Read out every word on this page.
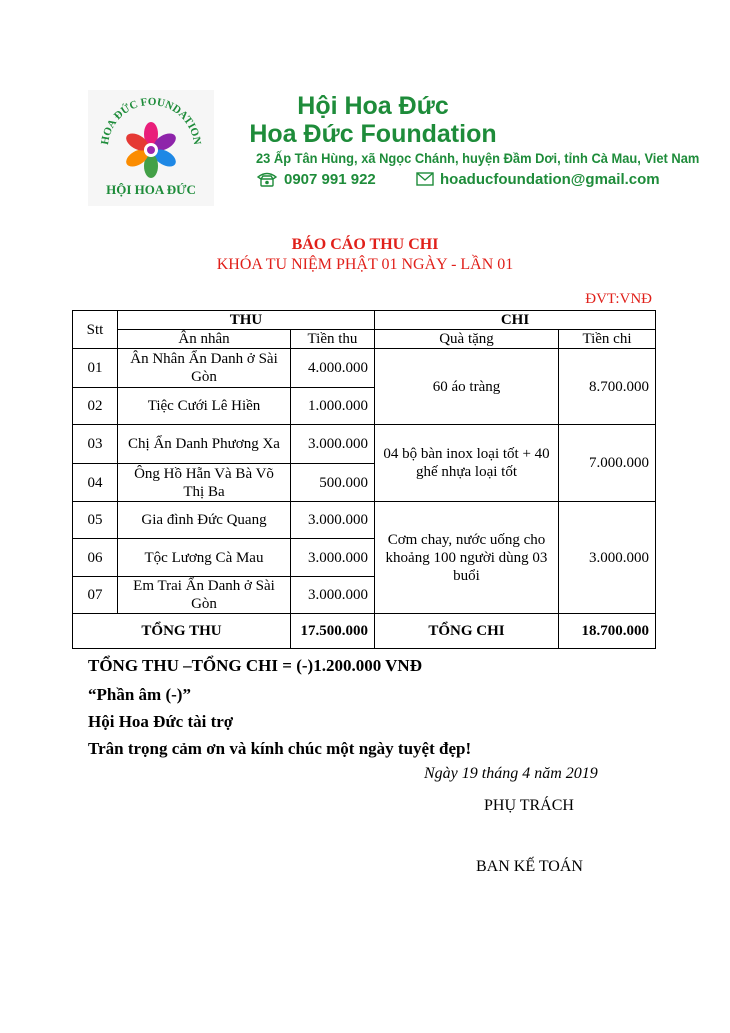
HOA ĐỨC FOUNDATION
HỘI HOA ĐỨC
Hội Hoa Đức
Hoa Đức Foundation
23 Ấp Tân Hùng, xã Ngọc Chánh, huyện Đầm Dơi, tỉnh Cà Mau, Viet Nam
0907 991 922	hoaducfoundation@gmail.com
BÁO CÁO THU CHI
KHÓA TU NIỆM PHẬT 01 NGÀY - LẦN 01
ĐVT:VNĐ
Stt	THU		CHI	
	Ân nhân	Tiền thu	Quà tặng	Tiền chi
01	Ân Nhân Ẩn Danh ở Sài Gòn	4.000.000	60 áo tràng	8.700.000
02	Tiệc Cưới Lê Hiền	1.000.000		
03	Chị Ẩn Danh Phương Xa	3.000.000	04 bộ bàn inox loại tốt + 40 ghế nhựa loại tốt	7.000.000
04	Ông Hồ Hẵn Và Bà Võ Thị Ba	500.000		
05	Gia đình Đức Quang	3.000.000	Cơm chay, nước uống cho khoảng 100 người dùng 03 buổi	3.000.000
06	Tộc Lương Cà Mau	3.000.000		
07	Em Trai Ẩn Danh ở Sài Gòn	3.000.000		
TỔNG THU		17.500.000	TỔNG CHI	18.700.000
TỔNG THU –TỔNG CHI = (-)1.200.000 VNĐ
“Phần âm (-)”
Hội Hoa Đức tài trợ
Trân trọng cảm ơn và kính chúc một ngày tuyệt đẹp!
Ngày 19 tháng 4 năm 2019
PHỤ TRÁCH
BAN KẾ TOÁN
